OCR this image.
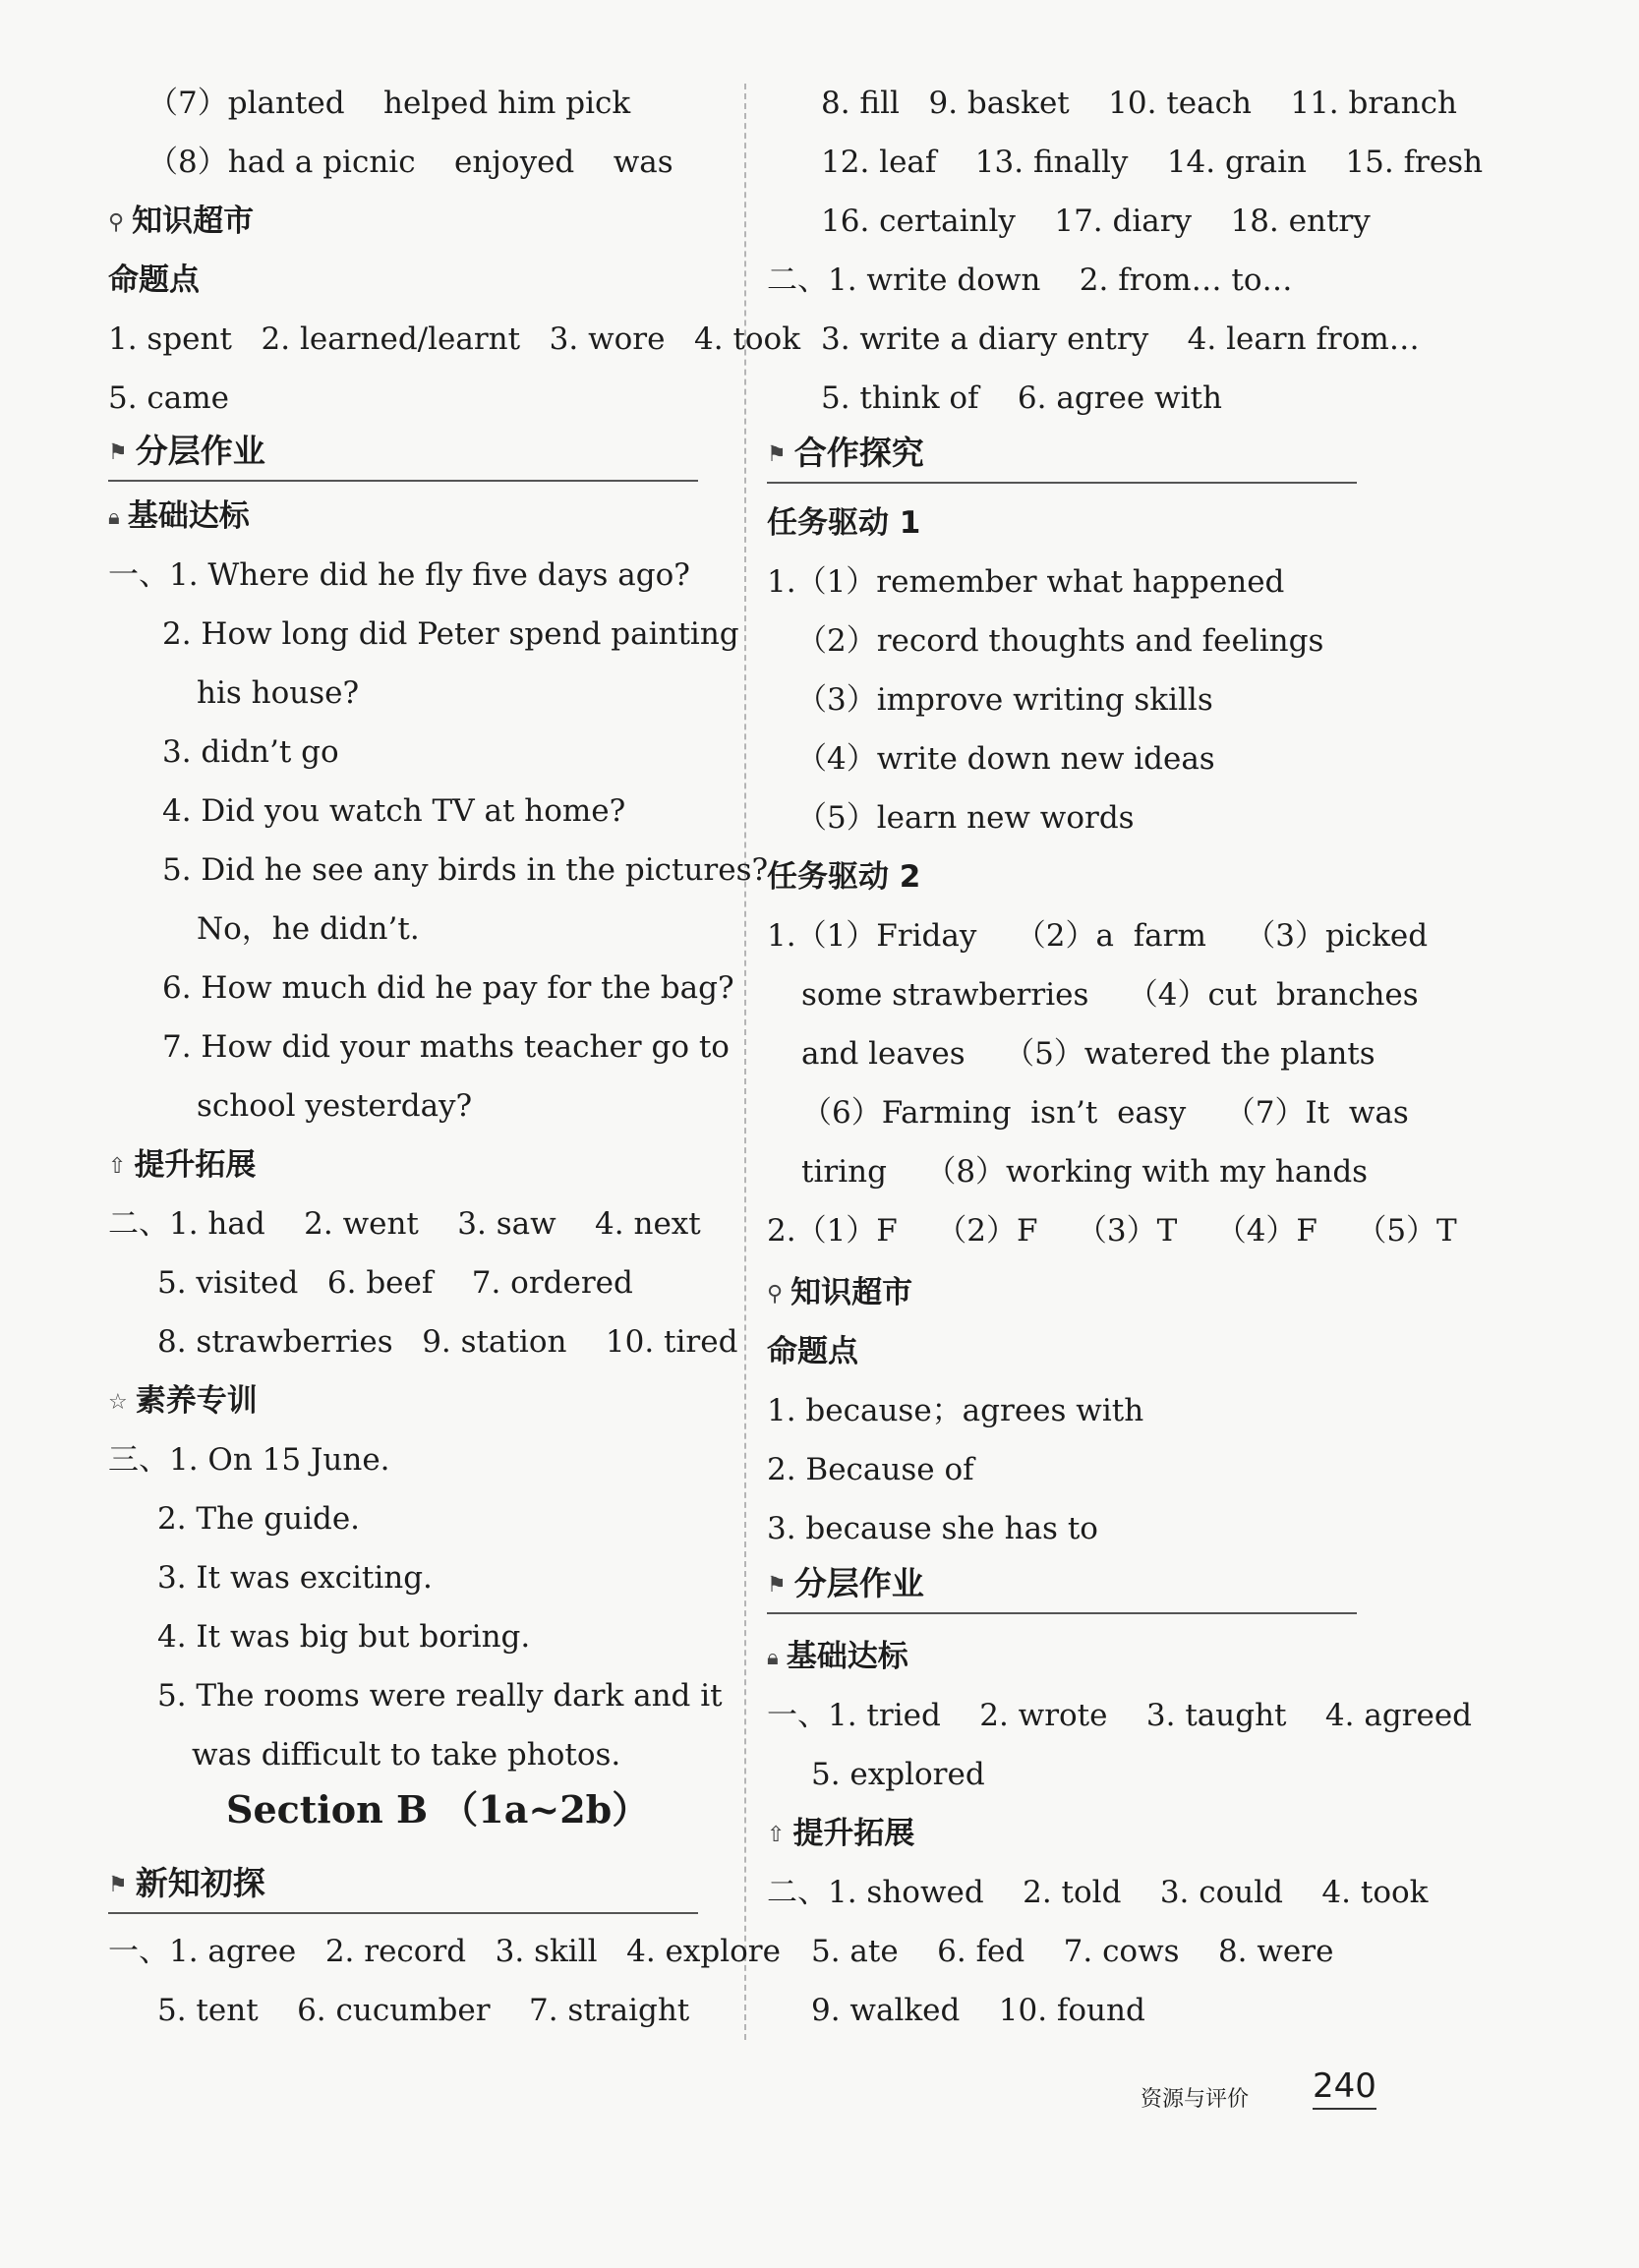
（7）planted    helped him pick
（8）had a picnic    enjoyed    was
⚲ 知识超市
命题点
1. spent   2. learned/learnt   3. wore   4. took
5. came
⚑ 分层作业
🔒︎ 基础达标
一、1. Where did he fly five days ago?
2. How long did Peter spend painting
his house?
3. didn’t go
4. Did you watch TV at home?
5. Did he see any birds in the pictures?
No，he didn’t.
6. How much did he pay for the bag?
7. How did your maths teacher go to
school yesterday?
⇧ 提升拓展
二、1. had    2. went    3. saw    4. next
5. visited   6. beef    7. ordered
8. strawberries   9. station    10. tired
☆ 素养专训
三、1. On 15 June.
2. The guide.
3. It was exciting.
4. It was big but boring.
5. The rooms were really dark and it
was difficult to take photos.
Section B （1a~2b）
⚑ 新知初探
一、1. agree   2. record   3. skill   4. explore
5. tent    6. cucumber    7. straight
8. fill   9. basket    10. teach    11. branch
12. leaf    13. finally    14. grain    15. fresh
16. certainly    17. diary    18. entry
二、1. write down    2. from… to…
3. write a diary entry    4. learn from…
5. think of    6. agree with
⚑ 合作探究
任务驱动 1
1.（1）remember what happened
（2）record thoughts and feelings
（3）improve writing skills
（4）write down new ideas
（5）learn new words
任务驱动 2
1.（1）Friday    （2）a  farm    （3）picked
some strawberries    （4）cut  branches
and leaves    （5）watered the plants
（6）Farming  isn’t  easy    （7）It  was
tiring    （8）working with my hands
2.（1）F    （2）F    （3）T    （4）F    （5）T
⚲ 知识超市
命题点
1. because；agrees with
2. Because of
3. because she has to
⚑ 分层作业
🔒︎ 基础达标
一、1. tried    2. wrote    3. taught    4. agreed
5. explored
⇧ 提升拓展
二、1. showed    2. told    3. could    4. took
5. ate    6. fed    7. cows    8. were
9. walked    10. found
资源与评价 240
